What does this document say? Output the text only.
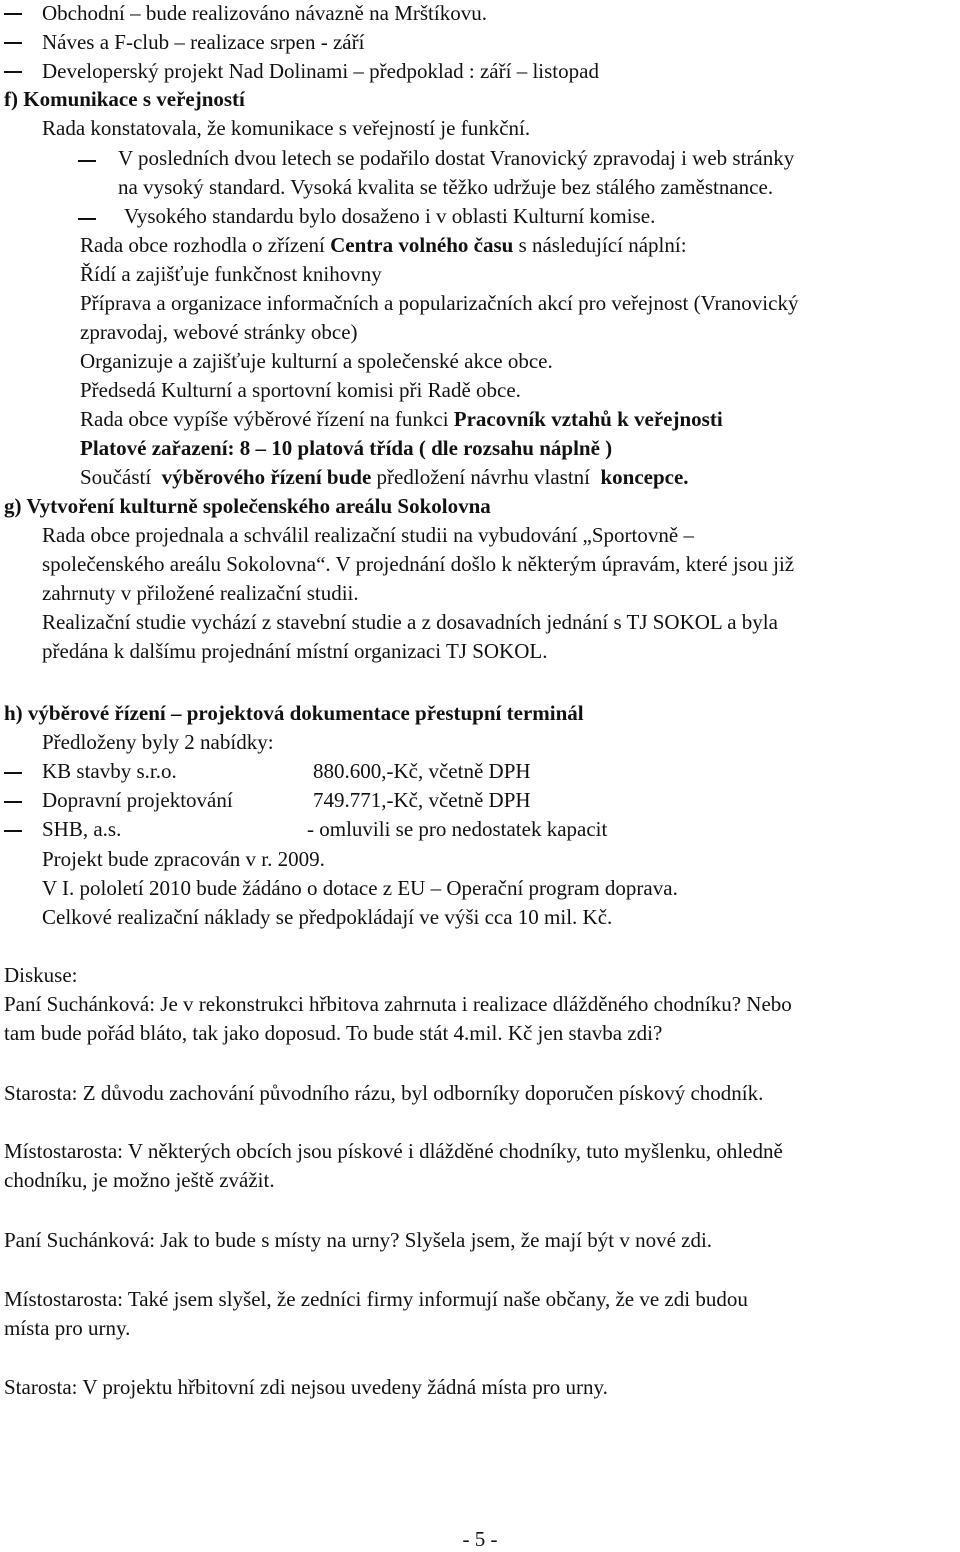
Obchodní – bude realizováno návazně na Mrštíkovu.
Náves a F-club – realizace srpen - září
Developerský projekt Nad Dolinami – předpoklad : září – listopad
f) Komunikace s veřejností
Rada konstatovala, že komunikace s veřejností je funkční.
V posledních dvou letech se podařilo dostat Vranovický zpravodaj i web stránky
na vysoký standard. Vysoká kvalita se těžko udržuje bez stálého zaměstnance.
Vysokého standardu bylo dosaženo i v oblasti Kulturní komise.
Rada obce rozhodla o zřízení Centra volného času s následující náplní:
Řídí a zajišťuje funkčnost knihovny
Příprava a organizace informačních a popularizačních akcí pro veřejnost (Vranovický
zpravodaj, webové stránky obce)
Organizuje a zajišťuje kulturní a společenské akce obce.
Předsedá Kulturní a sportovní komisi při Radě obce.
Rada obce vypíše výběrové řízení na funkci Pracovník vztahů k veřejnosti
Platové zařazení: 8 – 10 platová třída ( dle rozsahu náplně )
Součástí výběrového řízení bude předložení návrhu vlastní koncepce.
g) Vytvoření kulturně společenského areálu Sokolovna
Rada obce projednala a schválil realizační studii na vybudování „Sportovně –
společenského areálu Sokolovna“. V projednání došlo k některým úpravám, které jsou již
zahrnuty v přiložené realizační studii.
Realizační studie vychází z stavební studie a z dosavadních jednání s TJ SOKOL a byla
předána k dalšímu projednání místní organizaci TJ SOKOL.
h) výběrové řízení – projektová dokumentace přestupní terminál
Předloženy byly 2 nabídky:
KB stavby s.r.o.	880.600,-Kč, včetně DPH
Dopravní projektování	749.771,-Kč, včetně DPH
SHB, a.s.	- omluvili se pro nedostatek kapacit
Projekt bude zpracován v r. 2009.
V I. pololetí 2010 bude žádáno o dotace z EU – Operační program doprava.
Celkové realizační náklady se předpokládají ve výši cca 10 mil. Kč.
Diskuse:
Paní Suchánková: Je v rekonstrukci hřbitova zahrnuta i realizace dlážděného chodníku? Nebo
tam bude pořád bláto, tak jako doposud. To bude stát 4.mil. Kč jen stavba zdi?
Starosta: Z důvodu zachování původního rázu, byl odborníky doporučen pískový chodník.
Místostarosta: V některých obcích jsou pískové i dlážděné chodníky, tuto myšlenku, ohledně
chodníku, je možno ještě zvážit.
Paní Suchánková: Jak to bude s místy na urny? Slyšela jsem, že mají být v nové zdi.
Místostarosta: Také jsem slyšel, že zedníci firmy informují naše občany, že ve zdi budou
místa pro urny.
Starosta: V projektu hřbitovní zdi nejsou uvedeny žádná místa pro urny.
- 5 -
